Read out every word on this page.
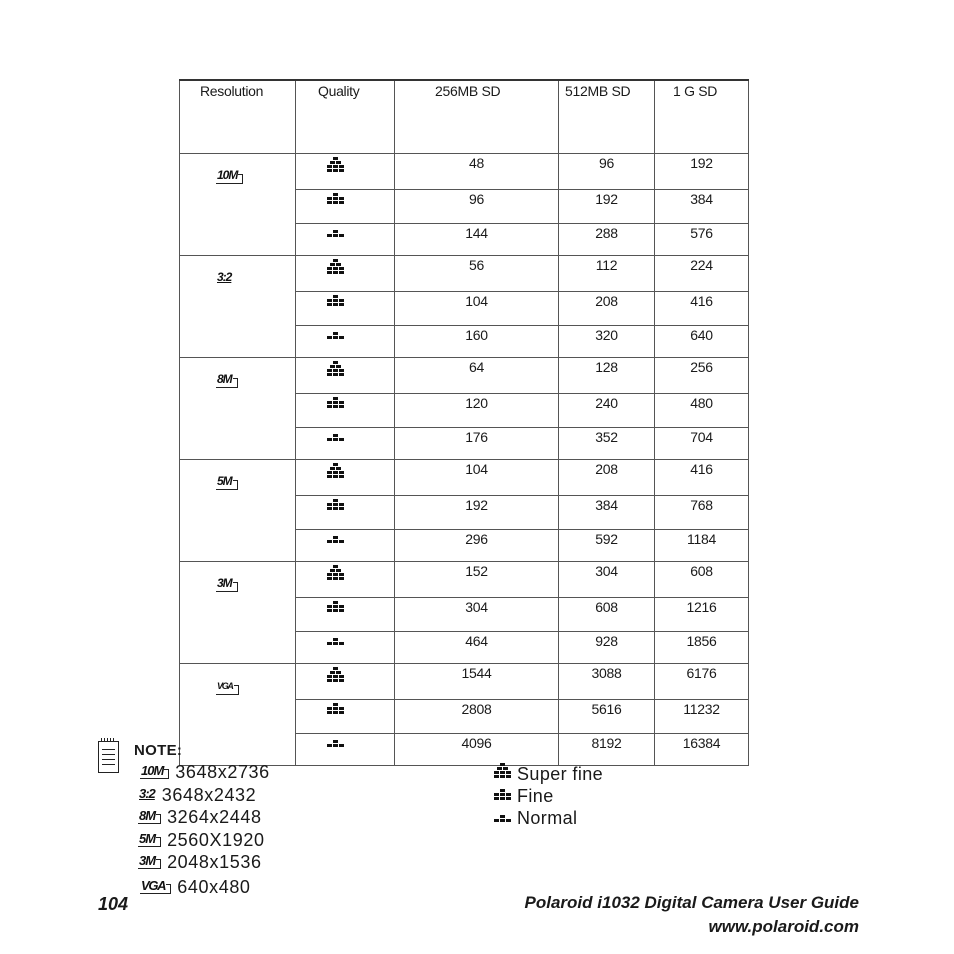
Resolution	Quality	256MB SD	512MB SD	1 G SD
10M		48	96	192

		96	192	384

		144	288	576
3:2		56	112	224

		104	208	416

		160	320	640
8M		64	128	256

		120	240	480

		176	352	704
5M		104	208	416

		192	384	768

		296	592	1184
3M		152	304	608

		304	608	1216

		464	928	1856
VGA		1544	3088	6176

		2808	5616	11232

		4096	8192	16384
NOTE:
10M 3648x2736
3:2 3648x2432
8M 3264x2448
5M 2560X1920
3M 2048x1536
VGA 640x480
Super fine
Fine
Normal
104	Polaroid i1032 Digital Camera User Guide
www.polaroid.com
